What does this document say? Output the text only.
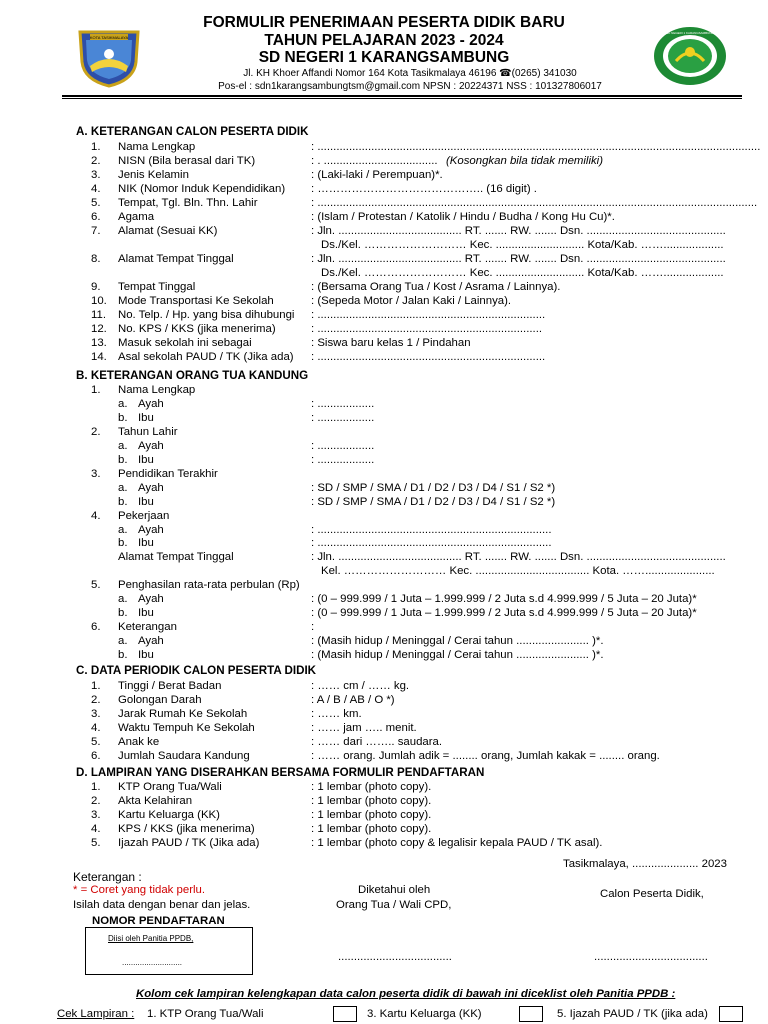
FORMULIR PENERIMAAN PESERTA DIDIK BARU
TAHUN PELAJARAN 2023 - 2024
SD NEGERI 1 KARANGSAMBUNG
Jl. KH Khoer Affandi Nomor 164 Kota Tasikmalaya 46196 ☎(0265) 341030
Pos-el : sdn1karangsambungtsm@gmail.com NPSN : 20224371 NSS : 101327806017
KOTA TASIKMALAYA
SD NEGERI 1 KARANGSAMBUNG
A. KETERANGAN CALON PESERTA DIDIK
1. Nama Lengkap	: ............................................................................................................................................
2. NISN (Bila berasal dari TK)	: . .................................... (Kosongkan bila tidak memiliki)
3. Jenis Kelamin	: (Laki-laki / Perempuan)*.
4. NIK (Nomor Induk Kependidikan) : …………………………………….. (16 digit) .
5. Tempat, Tgl. Bln. Thn. Lahir	: ...........................................................................................................................................
6. Agama	: (Islam / Protestan / Katolik / Hindu / Budha / Kong Hu Cu)*.
7. Alamat (Sesuai KK)	: Jln. ....................................... RT. ....... RW. ....... Dsn. ............................................
Ds./Kel. ……………………… Kec. ............................ Kota/Kab. ……...................
8. Alamat Tempat Tinggal	: Jln. ....................................... RT. ....... RW. ....... Dsn. ............................................
Ds./Kel. ……………………… Kec. ............................ Kota/Kab. ……...................
9. Tempat Tinggal	: (Bersama Orang Tua / Kost / Asrama / Lainnya).
10. Mode Transportasi Ke Sekolah	: (Sepeda Motor / Jalan Kaki / Lainnya).
11. No. Telp. / Hp. yang bisa dihubungi : ........................................................................
12. No. KPS / KKS (jika menerima)	: .......................................................................
13. Masuk sekolah ini sebagai	: Siswa baru kelas 1 / Pindahan
14. Asal sekolah PAUD / TK (Jika ada) : ........................................................................
B. KETERANGAN ORANG TUA KANDUNG
1. Nama Lengkap
a. Ayah	: ..................
b. Ibu	: ..................
2. Tahun Lahir
a. Ayah	: ..................
b. Ibu	: ..................
3. Pendidikan Terakhir
a. Ayah	: SD / SMP / SMA / D1 / D2 / D3 / D4 / S1 / S2 *)
b. Ibu	: SD / SMP / SMA / D1 / D2 / D3 / D4 / S1 / S2 *)
4. Pekerjaan
a. Ayah	: ..........................................................................
b. Ibu	: ..........................................................................
Alamat Tempat Tinggal	: Jln. ....................................... RT. ....... RW. ....... Dsn. ............................................
Kel. ……………………… Kec. .................................... Kota. ……......................
5. Penghasilan rata-rata perbulan (Rp)
a. Ayah	: (0 – 999.999 / 1 Juta – 1.999.999 / 2 Juta s.d 4.999.999 / 5 Juta – 20 Juta)*
b. Ibu	: (0 – 999.999 / 1 Juta – 1.999.999 / 2 Juta s.d 4.999.999 / 5 Juta – 20 Juta)*
6. Keterangan	:
a. Ayah	: (Masih hidup / Meninggal / Cerai tahun ....................... )*.
b. Ibu	: (Masih hidup / Meninggal / Cerai tahun ....................... )*.
C. DATA PERIODIK CALON PESERTA DIDIK
1. Tinggi / Berat Badan	: …… cm / …… kg.
2. Golongan Darah	: A / B / AB / O *)
3. Jarak Rumah Ke Sekolah	: …… km.
4. Waktu Tempuh Ke Sekolah	: …… jam ….. menit.
5. Anak ke	: …… dari …….. saudara.
6. Jumlah Saudara Kandung	: …… orang. Jumlah adik = ........ orang, Jumlah kakak = ........ orang.
D. LAMPIRAN YANG DISERAHKAN BERSAMA FORMULIR PENDAFTARAN
1. KTP Orang Tua/Wali	: 1 lembar (photo copy).
2. Akta Kelahiran	: 1 lembar (photo copy).
3. Kartu Keluarga (KK)	: 1 lembar (photo copy).
4. KPS / KKS (jika menerima)	: 1 lembar (photo copy).
5. Ijazah PAUD / TK (Jika ada)	: 1 lembar (photo copy & legalisir kepala PAUD / TK asal).
Tasikmalaya, ..................... 2023
Keterangan :
* = Coret yang tidak perlu.
Isilah data dengan benar dan jelas.
Diketahui oleh
Orang Tua / Wali CPD,
Calon Peserta Didik,
NOMOR PENDAFTARAN
Diisi oleh Panitia PPDB,
...........................	....................................	....................................
Kolom cek lampiran kelengkapan data calon peserta didik di bawah ini diceklist oleh Panitia PPDB :
Cek Lampiran : 1. KTP Orang Tua/Wali	3. Kartu Keluarga (KK)	5. Ijazah PAUD / TK (jika ada)
